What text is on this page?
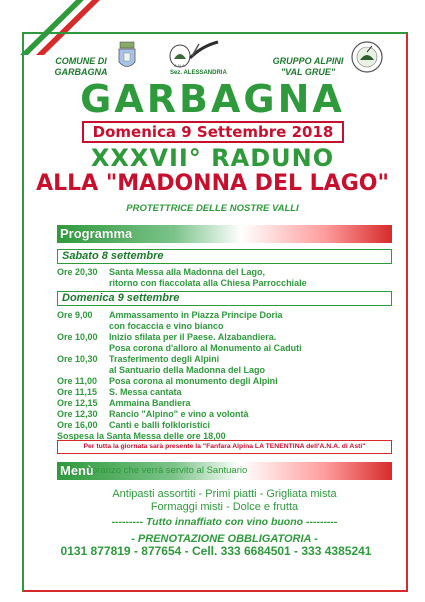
COMUNE DI
GARBAGNA
A.N.A.
Sez. ALESSANDRIA
GRUPPO ALPINI
"VAL GRUE"
GARBAGNA
Domenica 9 Settembre 2018
XXXVII° RADUNO
ALLA "MADONNA DEL LAGO"
PROTETTRICE DELLE NOSTRE VALLI
Programma
Sabato 8 settembre
Ore 20,30 Santa Messa alla Madonna del Lago,
ritorno con fiaccolata alla Chiesa Parrocchiale
Domenica 9 settembre
Ore 9,00 Ammassamento in Piazza Principe Doria
con focaccia e vino bianco
Ore 10,00 Inizio sfilata per il Paese. Alzabandiera.
Posa corona d'alloro al Monumento ai Caduti
Ore 10,30 Trasferimento degli Alpini
al Santuario della Madonna del Lago
Ore 11,00 Posa corona al monumento degli Alpini
Ore 11,15 S. Messa cantata
Ore 12,15 Ammaina Bandiera
Ore 12,30 Rancio "Alpino" e vino a volontà
Ore 16,00 Canti e balli folkloristici
Sospesa la Santa Messa delle ore 18,00
Per tutta la giornata sarà presente la "Fanfara Alpina LA TENENTINA dell'A.N.A. di Asti"
Menù
pranzo che verrà servito al Santuario
Antipasti assortiti - Primi piatti - Grigliata mista
Formaggi misti - Dolce e frutta
--------- Tutto innaffiato con vino buono ---------
- PRENOTAZIONE OBBLIGATORIA -
0131 877819 - 877654 - Cell. 333 6684501 - 333 4385241
